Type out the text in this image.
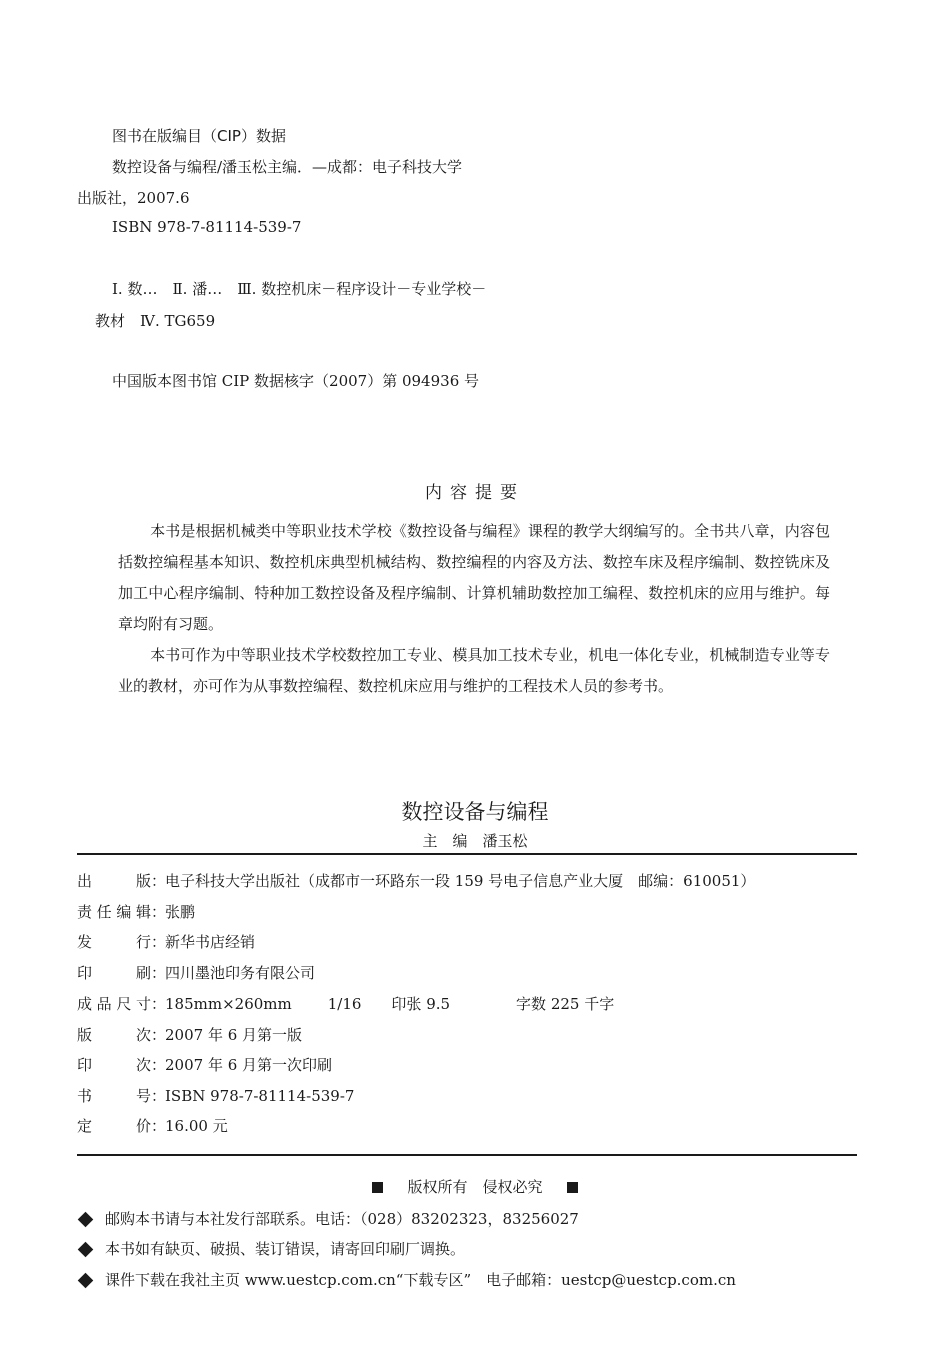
图书在版编目（CIP）数据
数控设备与编程/潘玉松主编．—成都：电子科技大学
出版社，2007.6
ISBN 978-7-81114-539-7
Ⅰ. 数…　Ⅱ. 潘…　Ⅲ. 数控机床－程序设计－专业学校－
教材　Ⅳ. TG659
中国版本图书馆 CIP 数据核字（2007）第 094936 号
内容提要
本书是根据机械类中等职业技术学校《数控设备与编程》课程的教学大纲编写的。全书共八章，内容包括数控编程基本知识、数控机床典型机械结构、数控编程的内容及方法、数控车床及程序编制、数控铣床及加工中心程序编制、特种加工数控设备及程序编制、计算机辅助数控加工编程、数控机床的应用与维护。每章均附有习题。
本书可作为中等职业技术学校数控加工专业、模具加工技术专业，机电一体化专业，机械制造专业等专业的教材，亦可作为从事数控编程、数控机床应用与维护的工程技术人员的参考书。
数控设备与编程
主　编　潘玉松
出　　版：电子科技大学出版社（成都市一环路东一段 159 号电子信息产业大厦　邮编：610051）
责任编辑：张鹏
发　　行：新华书店经销
印　　刷：四川墨池印务有限公司
成品尺寸：185mm×260mm 1/16 印张 9.5	字数 225 千字
版　　次：2007 年 6 月第一版
印　　次：2007 年 6 月第一次印刷
书　　号：ISBN 978-7-81114-539-7
定　　价：16.00 元
版权所有　侵权必究
邮购本书请与本社发行部联系。电话：（028）83202323，83256027
本书如有缺页、破损、装订错误，请寄回印刷厂调换。
课件下载在我社主页 www.uestcp.com.cn“下载专区”　电子邮箱：uestcp@uestcp.com.cn
